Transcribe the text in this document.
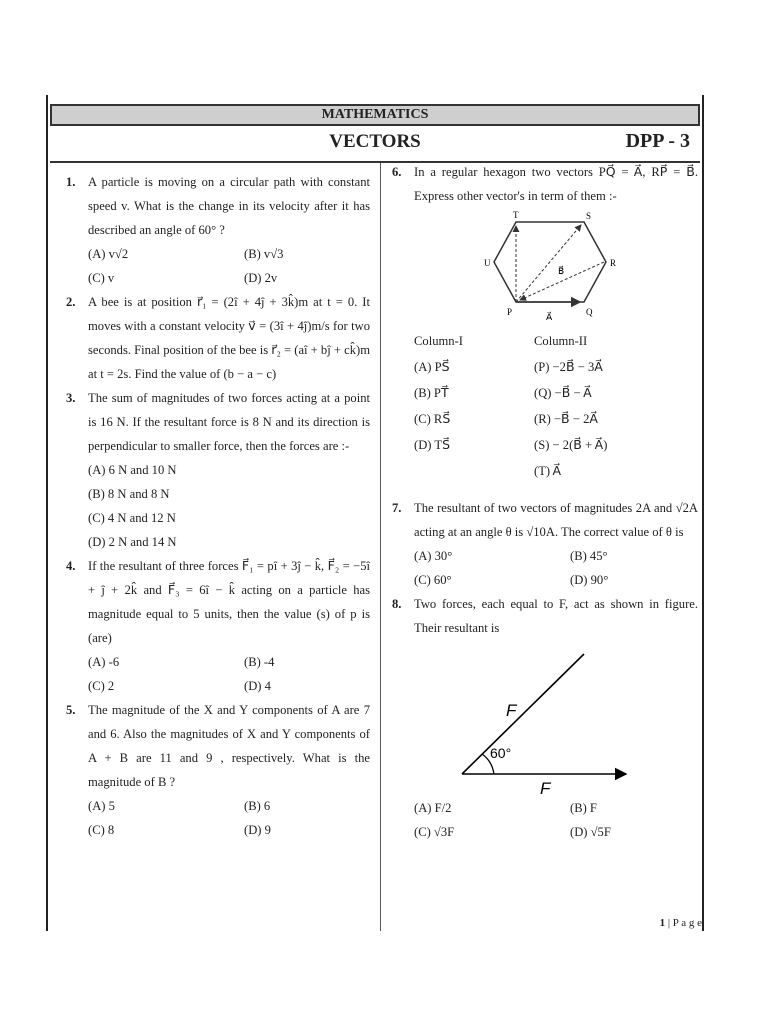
MATHEMATICS
VECTORS	DPP - 3
1. A particle is moving on a circular path with constant speed v. What is the change in its velocity after it has described an angle of 60° ?
(A) v√2	(B) v√3
(C) v	(D) 2v
2. A bee is at position r⃗₁ = (2î + 4ĵ + 3k̂)m at t = 0. It moves with a constant velocity v⃗ = (3î + 4ĵ)m/s for two seconds. Final position of the bee is r⃗₂ = (aî + bĵ + ck̂)m at t = 2s. Find the value of (b − a − c)
3. The sum of magnitudes of two forces acting at a point is 16 N. If the resultant force is 8 N and its direction is perpendicular to smaller force, then the forces are :-
(A) 6 N and 10 N
(B) 8 N and 8 N
(C) 4 N and 12 N
(D) 2 N and 14 N
4. If the resultant of three forces F⃗₁ = pî + 3ĵ − k̂, F⃗₂ = −5î + ĵ + 2k̂ and F⃗₃ = 6î − k̂ acting on a particle has magnitude equal to 5 units, then the value (s) of p is (are)
(A) -6	(B) -4
(C) 2	(D) 4
5. The magnitude of the X and Y components of A are 7 and 6. Also the magnitudes of X and Y components of A + B are 11 and 9 , respectively. What is the magnitude of B ?
(A) 5	(B) 6
(C) 8	(D) 9
6. In a regular hexagon two vectors PQ⃗ = A⃗, RP⃗ = B⃗. Express other vector's in term of them :-
T	S
U	R
P	Q
B⃗
A⃗
Column-I	Column-II
(A) PS⃗	(P) −2B⃗ − 3A⃗
(B) PT⃗	(Q) −B⃗ − A⃗
(C) RS⃗	(R) −B⃗ − 2A⃗
(D) TS⃗	(S) − 2(B⃗ + A⃗)
(T) A⃗
7. The resultant of two vectors of magnitudes 2A and √2A acting at an angle θ is √10A. The correct value of θ is
(A) 30°	(B) 45°
(C) 60°	(D) 90°
8. Two forces, each equal to F, act as shown in figure. Their resultant is
F
60°
F
(A) F/2	(B) F
(C) √3F	(D) √5F
1 | P a g e
